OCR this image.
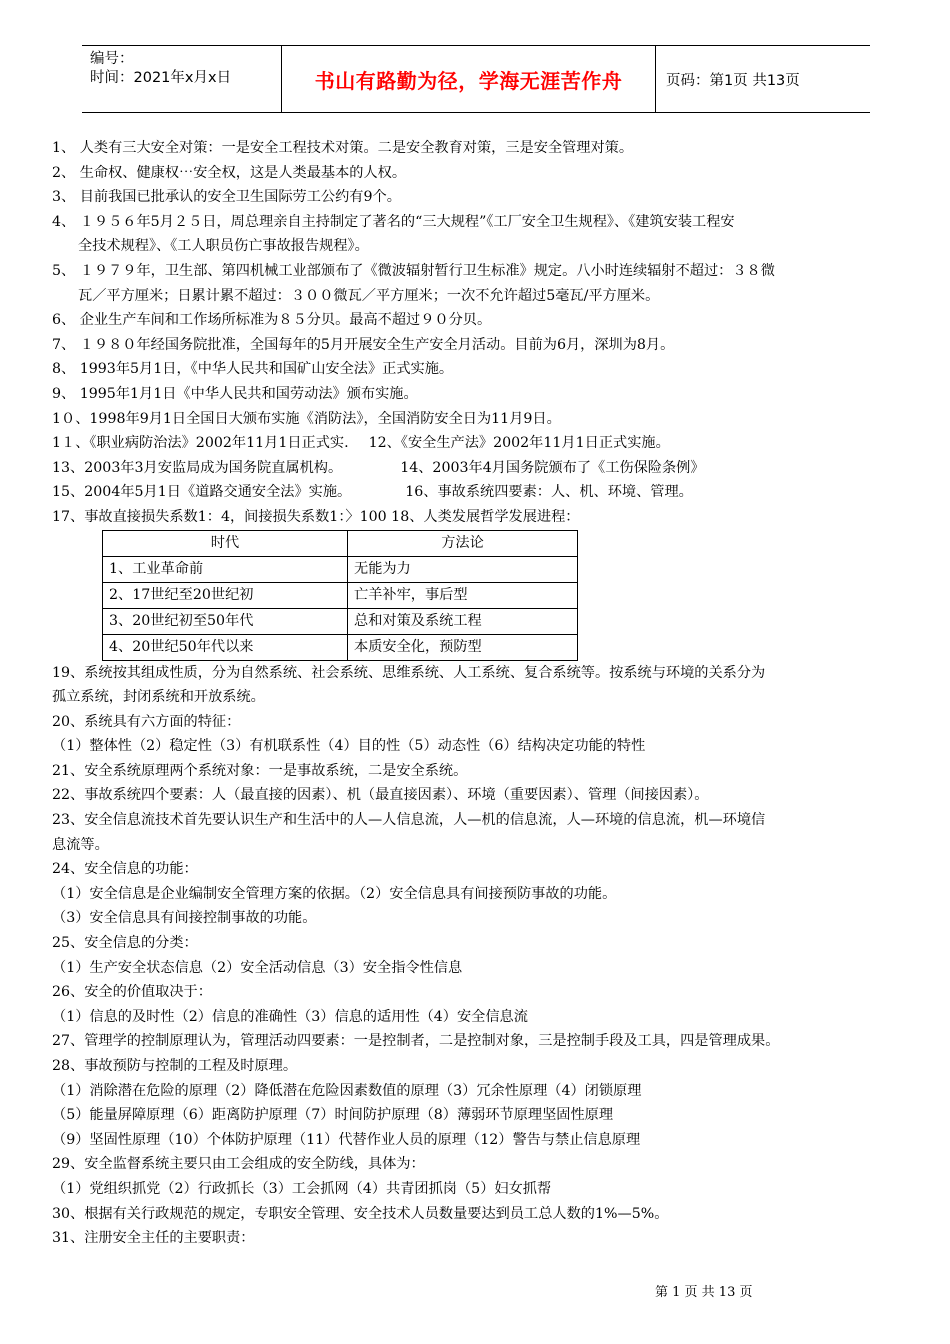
编号：
时间：2021年x月x日	书山有路勤为径，学海无涯苦作舟	页码：第1页 共13页
1、 人类有三大安全对策：一是安全工程技术对策。二是安全教育对策，三是安全管理对策。
2、 生命权、健康权⋯安全权，这是人类最基本的人权。
3、 目前我国已批承认的安全卫生国际劳工公约有9个。
4、 １９５６年5月２５日，周总理亲自主持制定了著名的“三大规程”《工厂安全卫生规程》、《建筑安装工程安
全技术规程》、《工人职员伤亡事故报告规程》。
5、 １９７９年，卫生部、第四机械工业部颁布了《微波辐射暂行卫生标准》规定。八小时连续辐射不超过：３８微
瓦／平方厘米；日累计累不超过：３００微瓦／平方厘米；一次不允许超过5毫瓦/平方厘米。
6、 企业生产车间和工作场所标准为８５分贝。最高不超过９０分贝。
7、 １９８０年经国务院批准，全国每年的5月开展安全生产安全月活动。目前为6月，深圳为8月。
8、 1993年5月1日，《中华人民共和国矿山安全法》正式实施。
9、 1995年1月1日《中华人民共和国劳动法》颁布实施。
1０、1998年9月1日全国日大颁布实施《消防法》，全国消防安全日为11月9日。
1１、《职业病防治法》2002年11月1日正式实. 12、《安全生产法》2002年11月1日正式实施。
13、2003年3月安监局成为国务院直属机构。	14、2003年4月国务院颁布了《工伤保险条例》
15、2004年5月1日《道路交通安全法》实施。	16、事故系统四要素：人、机、环境、管理。
17、事故直接损失系数1：4，间接损失系数1：〉100 18、人类发展哲学发展进程：
时代	方法论
1、工业革命前	无能为力
2、17世纪至20世纪初	亡羊补牢，事后型
3、20世纪初至50年代	总和对策及系统工程
4、20世纪50年代以来	本质安全化，预防型
19、系统按其组成性质，分为自然系统、社会系统、思维系统、人工系统、复合系统等。按系统与环境的关系分为
孤立系统，封闭系统和开放系统。
20、系统具有六方面的特征：
（1）整体性（2）稳定性（3）有机联系性（4）目的性（5）动态性（6）结构决定功能的特性
21、安全系统原理两个系统对象：一是事故系统，二是安全系统。
22、事故系统四个要素：人（最直接的因素）、机（最直接因素）、环境（重要因素）、管理（间接因素）。
23、安全信息流技术首先要认识生产和生活中的人—人信息流，人—机的信息流，人—环境的信息流，机—环境信
息流等。
24、安全信息的功能：
（1）安全信息是企业编制安全管理方案的依据。（2）安全信息具有间接预防事故的功能。
（3）安全信息具有间接控制事故的功能。
25、安全信息的分类：
（1）生产安全状态信息（2）安全活动信息（3）安全指令性信息
26、安全的价值取决于：
（1）信息的及时性（2）信息的准确性（3）信息的适用性（4）安全信息流
27、管理学的控制原理认为，管理活动四要素：一是控制者，二是控制对象，三是控制手段及工具，四是管理成果。
28、事故预防与控制的工程及时原理。
（1）消除潜在危险的原理（2）降低潜在危险因素数值的原理（3）冗余性原理（4）闭锁原理
（5）能量屏障原理（6）距离防护原理（7）时间防护原理（8）薄弱环节原理坚固性原理
（9）坚固性原理（10）个体防护原理（11）代替作业人员的原理（12）警告与禁止信息原理
29、安全监督系统主要只由工会组成的安全防线，具体为：
（1）党组织抓党（2）行政抓长（3）工会抓网（4）共青团抓岗（5）妇女抓帮
30、根据有关行政规范的规定，专职安全管理、安全技术人员数量要达到员工总人数的1%—5%。
31、注册安全主任的主要职责：
第 1 页 共 13 页
